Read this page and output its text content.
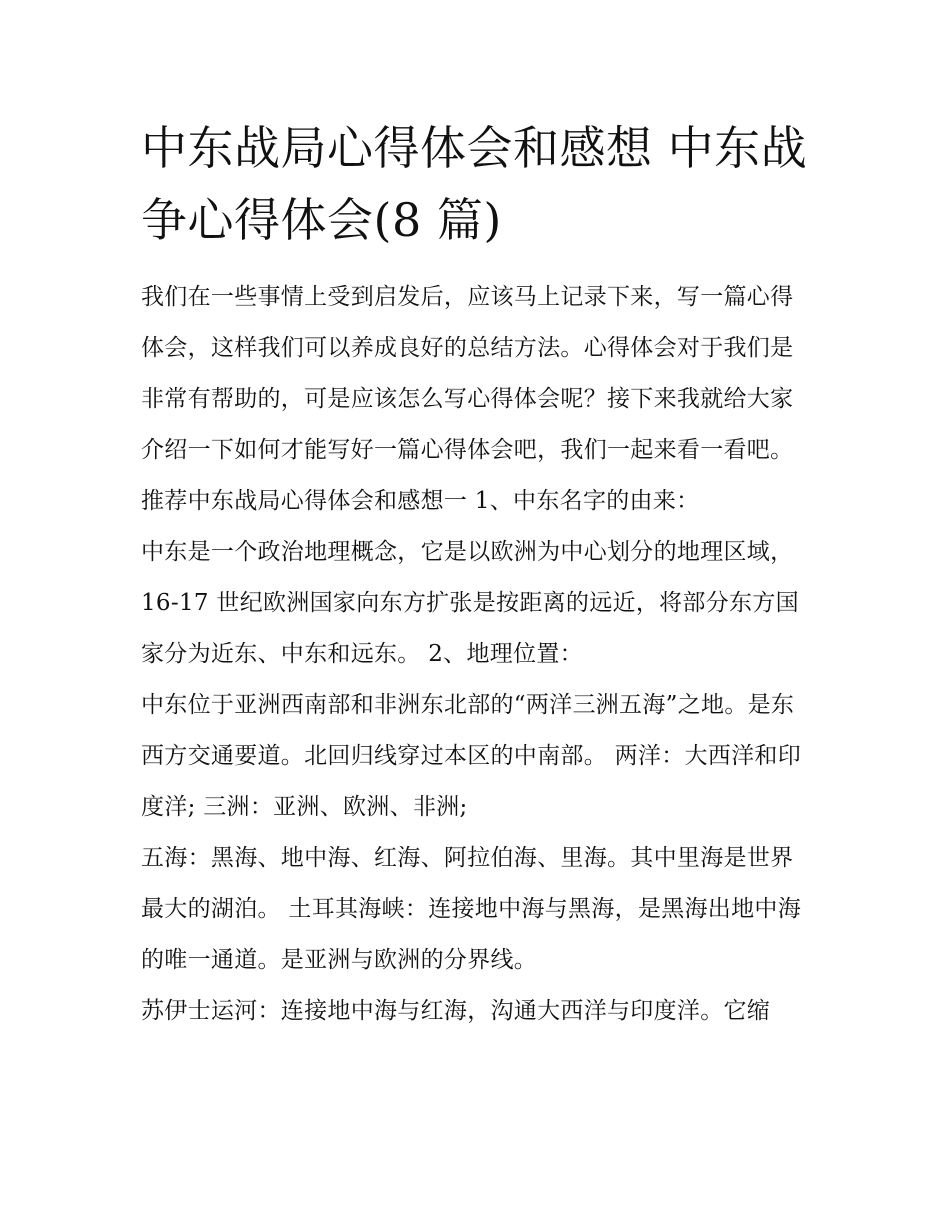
中东战局心得体会和感想 中东战争心得体会(8 篇)

我们在一些事情上受到启发后，应该马上记录下来，写一篇心得体会，这样我们可以养成良好的总结方法。心得体会对于我们是非常有帮助的，可是应该怎么写心得体会呢？接下来我就给大家介绍一下如何才能写好一篇心得体会吧，我们一起来看一看吧。

推荐中东战局心得体会和感想一 1、中东名字的由来：

中东是一个政治地理概念，它是以欧洲为中心划分的地理区域，16-17 世纪欧洲国家向东方扩张是按距离的远近，将部分东方国家分为近东、中东和远东。 2、地理位置：

中东位于亚洲西南部和非洲东北部的“两洋三洲五海”之地。是东西方交通要道。北回归线穿过本区的中南部。 两洋：大西洋和印度洋; 三洲：亚洲、欧洲、非洲;

五海：黑海、地中海、红海、阿拉伯海、里海。其中里海是世界最大的湖泊。 土耳其海峡：连接地中海与黑海，是黑海出地中海的唯一通道。是亚洲与欧洲的分界线。

苏伊士运河：连接地中海与红海，沟通大西洋与印度洋。它缩
